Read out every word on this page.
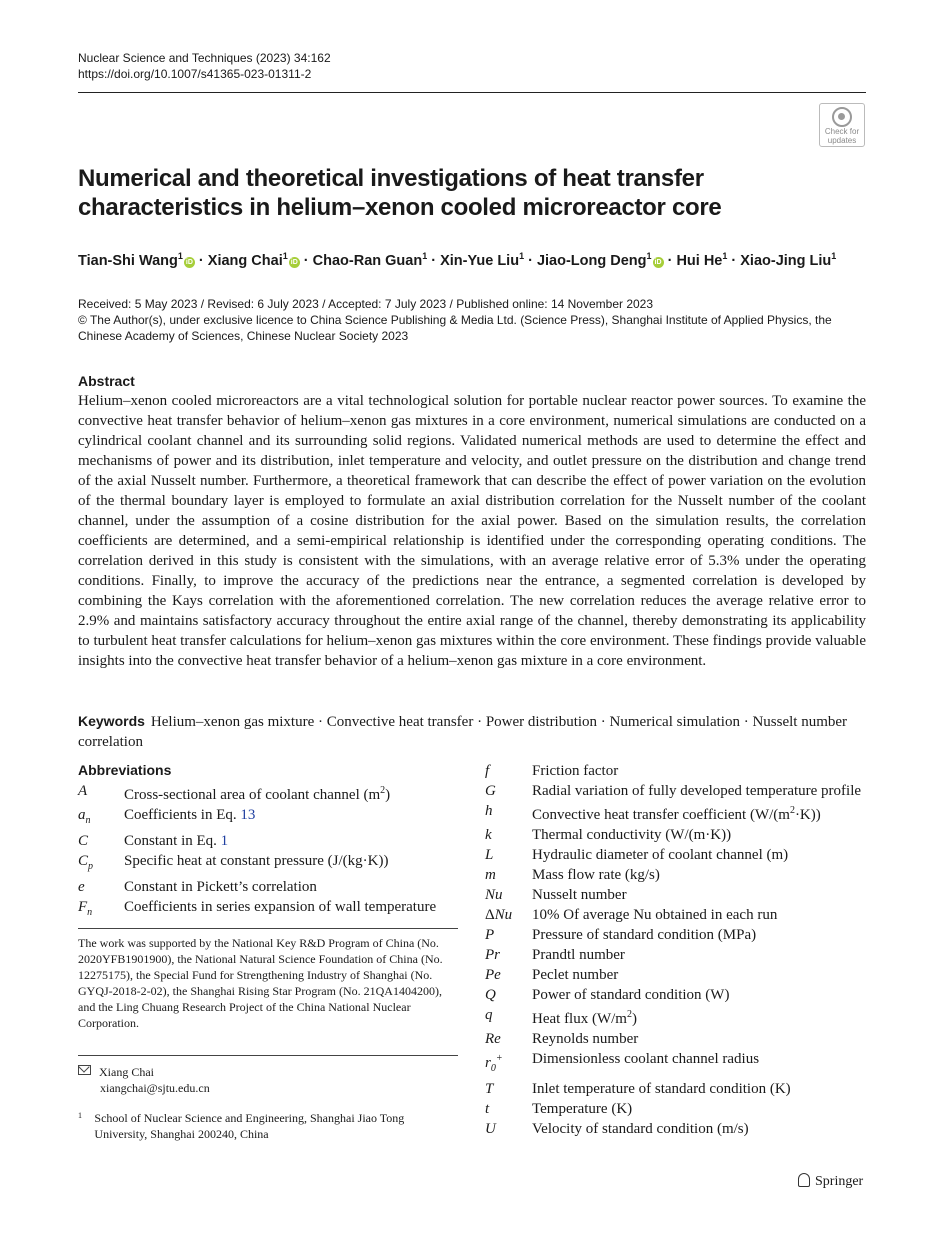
Nuclear Science and Techniques (2023) 34:162
https://doi.org/10.1007/s41365-023-01311-2
Check for
updates
Numerical and theoretical investigations of heat transfer
characteristics in helium–xenon cooled microreactor core
Tian-Shi Wang$^1$iD · Xiang Chai$^1$iD · Chao-Ran Guan$^1$ · Xin-Yue Liu$^1$ · Jiao-Long Deng$^1$iD · Hui $He^1$ · Xiao-Jing Liu$^1$
Received: 5 May 2023 / Revised: 6 July 2023 / Accepted: 7 July 2023 / Published online: 14 November 2023
© The Author(s), under exclusive licence to China Science Publishing & Media Ltd. (Science Press), Shanghai Institute of Applied Physics, the Chinese Academy of Sciences, Chinese Nuclear Society 2023
Abstract
Helium–xenon cooled microreactors are a vital technological solution for portable nuclear reactor power sources. To examine the convective heat transfer behavior of helium–xenon gas mixtures in a core environment, numerical simulations are conducted on a cylindrical coolant channel and its surrounding solid regions. Validated numerical methods are used to determine the effect and mechanisms of power and its distribution, inlet temperature and velocity, and outlet pressure on the distribution and change trend of the axial Nusselt number. Furthermore, a theoretical framework that can describe the effect of power variation on the evolution of the thermal boundary layer is employed to formulate an axial distribution correlation for the Nusselt number of the coolant channel, under the assumption of a cosine distribution for the axial power. Based on the simulation results, the correlation coefficients are determined, and a semi-empirical relationship is identified under the corresponding operating conditions. The correlation derived in this study is consistent with the simulations, with an average relative error of 5.3% under the operating conditions. Finally, to improve the accuracy of the predictions near the entrance, a segmented correlation is developed by combining the Kays correlation with the aforementioned correlation. The new correlation reduces the average relative error to 2.9% and maintains satisfactory accuracy throughout the entire axial range of the channel, thereby demonstrating its applicability to turbulent heat transfer calculations for helium–xenon gas mixtures within the core environment. These findings provide valuable insights into the convective heat transfer behavior of a helium–xenon gas mixture in a core environment.
Keywords Helium–xenon gas mixture · Convective heat transfer · Power distribution · Numerical simulation · Nusselt number correlation
Abbreviations
A	Cross-sectional area of coolant channel $(m^2)$
$a_n$	Coefficients in Eq. 13
C	Constant in Eq. 1
$C_p$	Specific heat at constant pressure (J/(kg·K))
e	Constant in Pickett’s correlation
$F_n$	Coefficients in series expansion of wall temperature
f	Friction factor
G	Radial variation of fully developed temperature profile
h	Convective heat transfer coefficient $(W/(m^2\cdot K))$
k	Thermal conductivity (W/(m·K))
L	Hydraulic diameter of coolant channel (m)
m	Mass flow rate (kg/s)
Nu	Nusselt number
ΔNu	10% Of average Nu obtained in each run
P	Pressure of standard condition (MPa)
Pr	Prandtl number
Pe	Peclet number
Q	Power of standard condition (W)
q	Heat flux $(W/m^2)$
Re	Reynolds number
$r_0^+$	Dimensionless coolant channel radius
T	Inlet temperature of standard condition (K)
t	Temperature (K)
U	Velocity of standard condition (m/s)
The work was supported by the National Key R&D Program of China (No. 2020YFB1901900), the National Natural Science Foundation of China (No. 12275175), the Special Fund for Strengthening Industry of Shanghai (No. GYQJ-2018-2-02), the Shanghai Rising Star Program (No. 21QA1404200), and the Ling Chuang Research Project of the China National Nuclear Corporation.
Xiang Chai
xiangchai@sjtu.edu.cn
1	School of Nuclear Science and Engineering, Shanghai Jiao Tong University, Shanghai 200240, China
Springer
